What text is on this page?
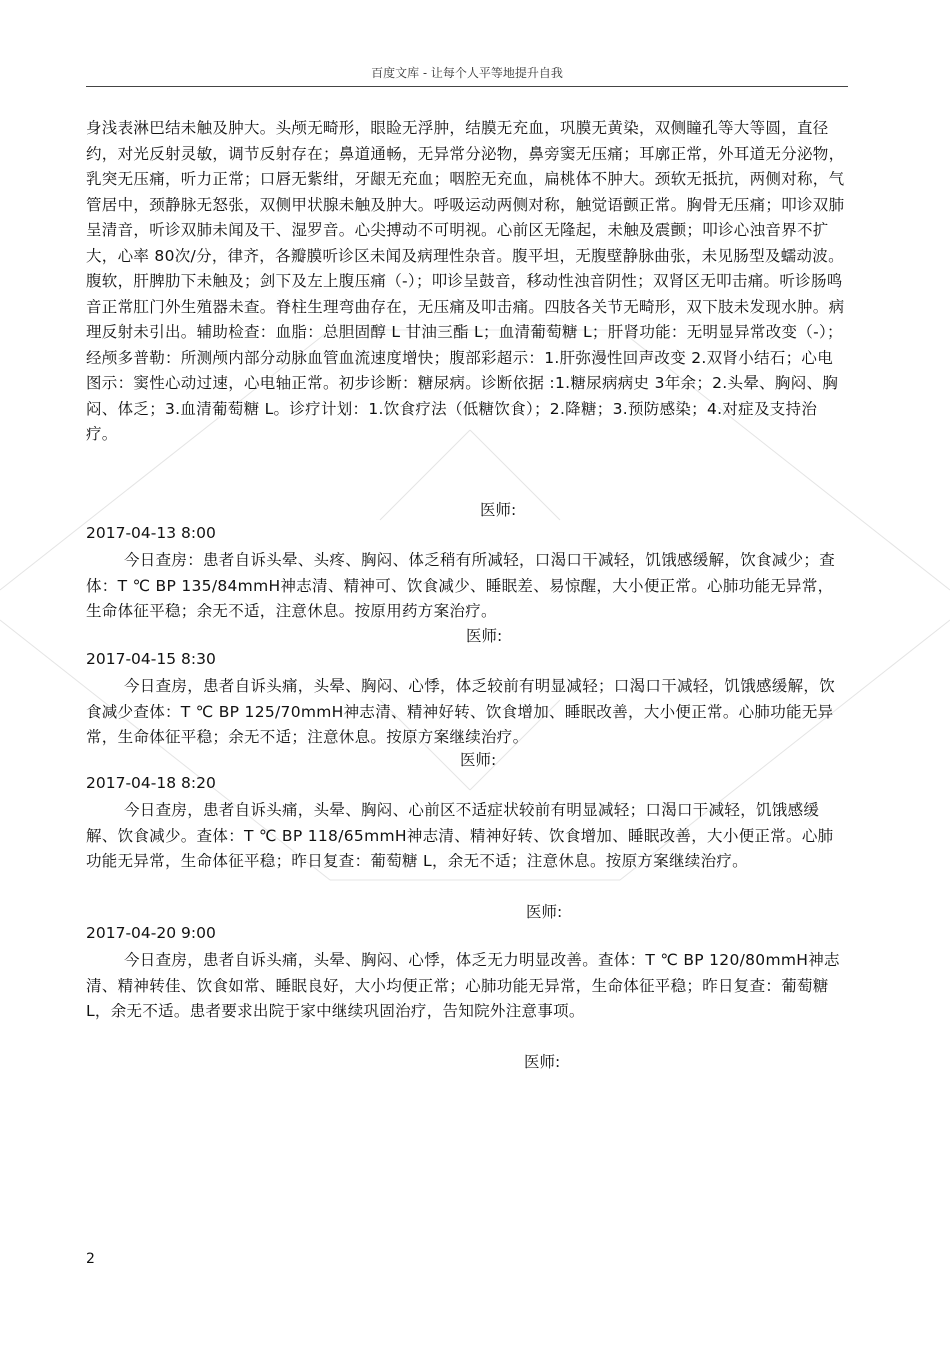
百度文库 - 让每个人平等地提升自我

身浅表淋巴结未触及肿大。头颅无畸形，眼睑无浮肿，结膜无充血，巩膜无黄染，双侧瞳孔等大等圆，直径约，对光反射灵敏，调节反射存在；鼻道通畅，无异常分泌物，鼻旁窦无压痛；耳廓正常，外耳道无分泌物，乳突无压痛，听力正常；口唇无紫绀，牙龈无充血；咽腔无充血，扁桃体不肿大。颈软无抵抗，两侧对称，气管居中，颈静脉无怒张，双侧甲状腺未触及肿大。呼吸运动两侧对称，触觉语颤正常。胸骨无压痛；叩诊双肺呈清音，听诊双肺未闻及干、湿罗音。心尖搏动不可明视。心前区无隆起，未触及震颤；叩诊心浊音界不扩大，心率 80次/分，律齐，各瓣膜听诊区未闻及病理性杂音。腹平坦，无腹壁静脉曲张，未见肠型及蠕动波。腹软，肝脾肋下未触及；剑下及左上腹压痛（-）；叩诊呈鼓音，移动性浊音阴性；双肾区无叩击痛。听诊肠鸣音正常肛门外生殖器未查。脊柱生理弯曲存在，无压痛及叩击痛。四肢各关节无畸形，双下肢未发现水肿。病理反射未引出。辅助检查：血脂：总胆固醇 L 甘油三酯 L；血清葡萄糖 L；肝肾功能：无明显异常改变（-）；经颅多普勒：所测颅内部分动脉血管血流速度增快；腹部彩超示：1.肝弥漫性回声改变 2.双肾小结石；心电图示：窦性心动过速，心电轴正常。初步诊断：糖尿病。诊断依据 :1.糖尿病病史 3年余；2.头晕、胸闷、胸闷、体乏；3.血清葡萄糖 L。诊疗计划：1.饮食疗法（低糖饮食）；2.降糖；3.预防感染；4.对症及支持治疗。

医师:
2017-04-13 8:00

今日查房：患者自诉头晕、头疼、胸闷、体乏稍有所减轻，口渴口干减轻，饥饿感缓解，饮食减少；查体：T ℃ BP 135/84mmH神志清、精神可、饮食减少、睡眠差、易惊醒，大小便正常。心肺功能无异常，生命体征平稳；余无不适，注意休息。按原用药方案治疗。

医师:
2017-04-15 8:30

今日查房，患者自诉头痛，头晕、胸闷、心悸，体乏较前有明显减轻；口渴口干减轻，饥饿感缓解，饮食减少查体：T ℃ BP 125/70mmH神志清、精神好转、饮食增加、睡眠改善，大小便正常。心肺功能无异常，生命体征平稳；余无不适；注意休息。按原方案继续治疗。

医师:
2017-04-18 8:20

今日查房，患者自诉头痛，头晕、胸闷、心前区不适症状较前有明显减轻；口渴口干减轻，饥饿感缓解、饮食减少。查体：T ℃ BP 118/65mmH神志清、精神好转、饮食增加、睡眠改善，大小便正常。心肺功能无异常，生命体征平稳；昨日复查：葡萄糖 L，余无不适；注意休息。按原方案继续治疗。

医师:
2017-04-20 9:00

今日查房，患者自诉头痛，头晕、胸闷、心悸，体乏无力明显改善。查体：T ℃ BP 120/80mmH神志清、精神转佳、饮食如常、睡眠良好，大小均便正常；心肺功能无异常，生命体征平稳；昨日复查：葡萄糖 L，余无不适。患者要求出院于家中继续巩固治疗，告知院外注意事项。

医师:
2
